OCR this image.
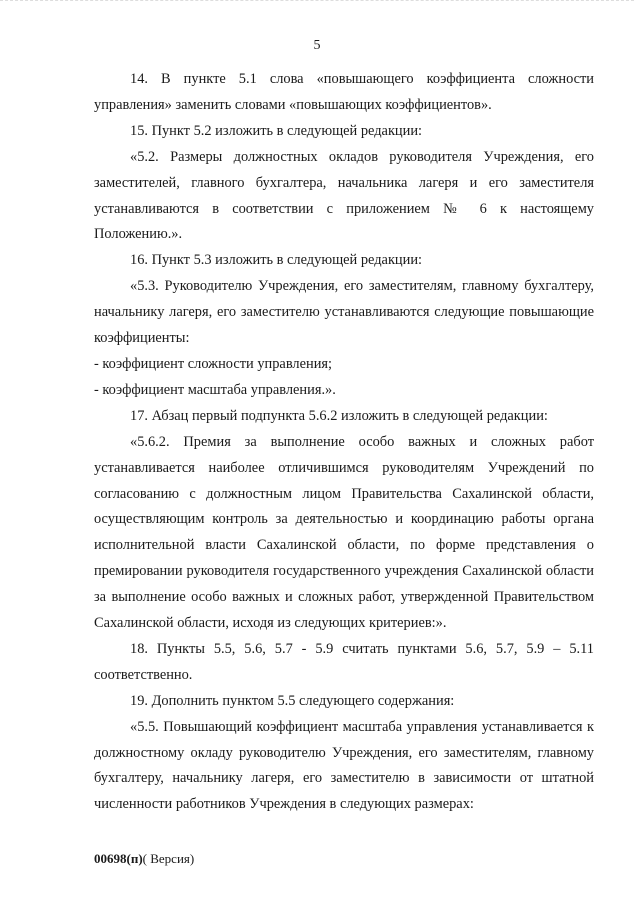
5

14. В пункте 5.1 слова «повышающего коэффициента сложности управления» заменить словами «повышающих коэффициентов».

15. Пункт 5.2 изложить в следующей редакции:

«5.2. Размеры должностных окладов руководителя Учреждения, его заместителей, главного бухгалтера, начальника лагеря и его заместителя устанавливаются в соответствии с приложением № 6 к настоящему Положению.».

16. Пункт 5.3 изложить в следующей редакции:

«5.3. Руководителю Учреждения, его заместителям, главному бухгалтеру, начальнику лагеря, его заместителю устанавливаются следующие повышающие коэффициенты:

- коэффициент сложности управления;

- коэффициент масштаба управления.».

17. Абзац первый подпункта 5.6.2 изложить в следующей редакции:

«5.6.2. Премия за выполнение особо важных и сложных работ устанавливается наиболее отличившимся руководителям Учреждений по согласованию с должностным лицом Правительства Сахалинской области, осуществляющим контроль за деятельностью и координацию работы органа исполнительной власти Сахалинской области, по форме представления о премировании руководителя государственного учреждения Сахалинской области за выполнение особо важных и сложных работ, утвержденной Правительством Сахалинской области, исходя из следующих критериев:».

18. Пункты 5.5, 5.6, 5.7 - 5.9 считать пунктами 5.6, 5.7, 5.9 – 5.11 соответственно.

19. Дополнить пунктом 5.5 следующего содержания:

«5.5. Повышающий коэффициент масштаба управления устанавливается к должностному окладу руководителю Учреждения, его заместителям, главному бухгалтеру, начальнику лагеря, его заместителю в зависимости от штатной численности работников Учреждения в следующих размерах:

00698(п)( Версия)
